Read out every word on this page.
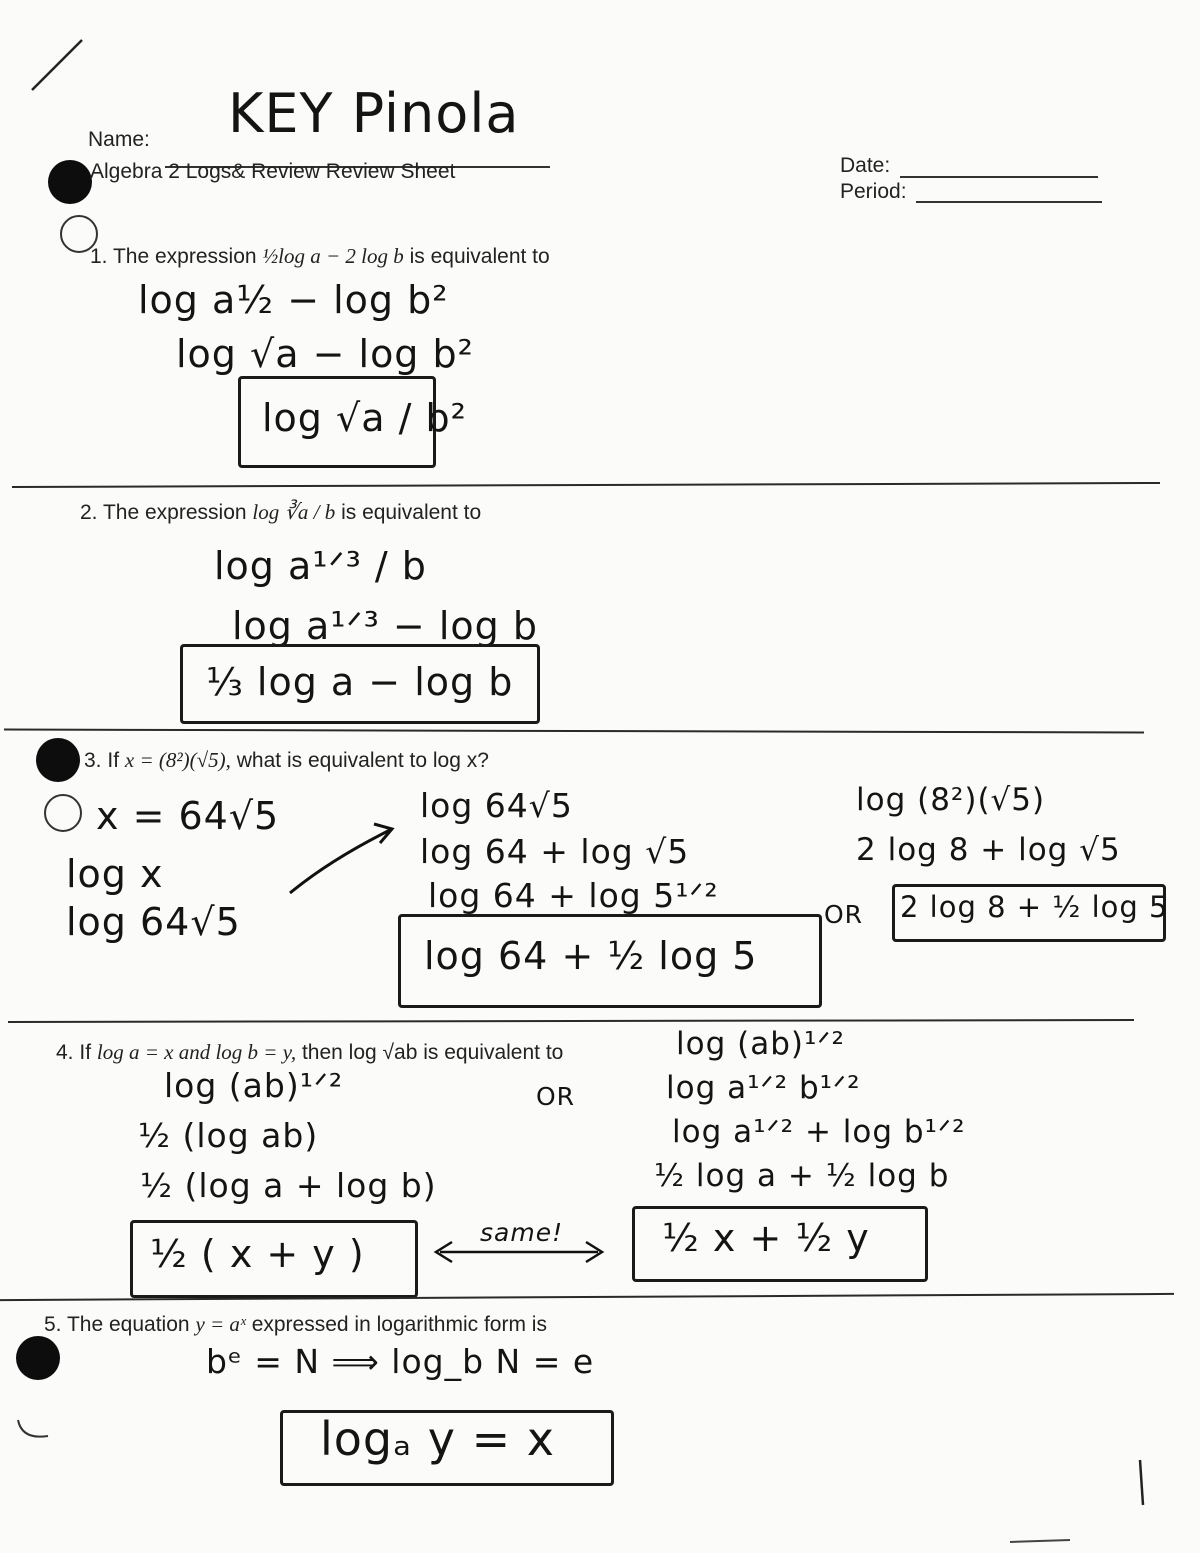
Name: KEY Pinola
Algebra 2 Logs& Review Review Sheet	Date:
Period:
1. The expression ½log a − 2 log b is equivalent to
log a½ − log b²
log √a − log b²
log √a / b²
2. The expression log ∛a / b is equivalent to
log a¹ᐟ³ / b
log a¹ᐟ³ − log b
⅓ log a − log b
3. If x = (8²)(√5), what is equivalent to log x?
x = 64√5
log x
log 64√5
log 64√5
log 64 + log √5
log 64 + log 5¹ᐟ²
log 64 + ½ log 5
OR
log (8²)(√5)
2 log 8 + log √5
2 log 8 + ½ log 5
4. If log a = x and log b = y, then log √ab is equivalent to
log (ab)¹ᐟ²
½ (log ab)
½ (log a + log b)
½ ( x + y )	same!
OR
log (ab)¹ᐟ²
log a¹ᐟ² b¹ᐟ²
log a¹ᐟ² + log b¹ᐟ²
½ log a + ½ log b
½ x + ½ y
5. The equation y = aˣ expressed in logarithmic form is
bᵉ = N ⟹ log_b N = e
logₐ y = x
